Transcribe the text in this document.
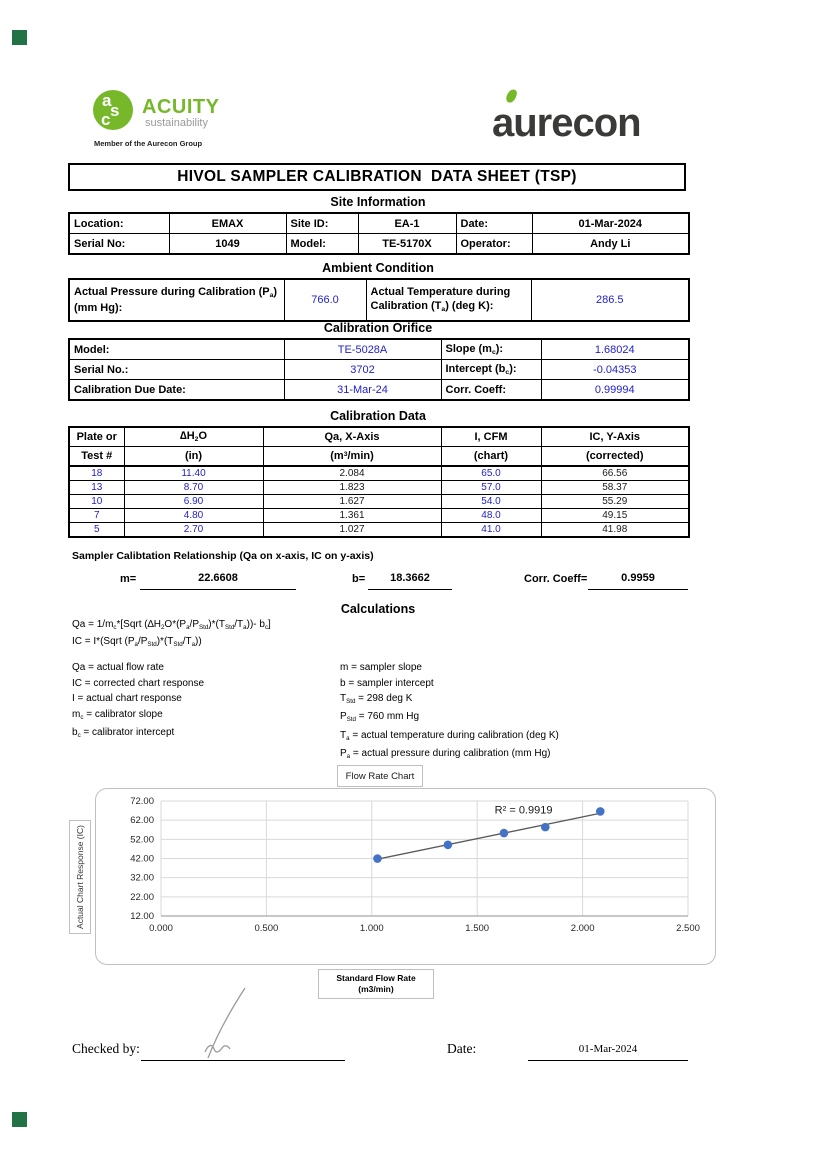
a
s
c
ACUITY
sustainability
Member of the Aurecon Group	aurecon
HIVOL SAMPLER CALIBRATION  DATA SHEET (TSP)
Site Information
Location:	EMAX	Site ID:	EA-1	Date:	01-Mar-2024
Serial No:	1049	Model:	TE-5170X	Operator:	Andy Li
Ambient Condition
Actual Pressure during Calibration $(P_a)$
(mm Hg):	766.0	Actual Temperature during
Calibration $(T_a)$ (deg K):	286.5
Calibration Orifice
Model:	TE-5028A	Slope $(m_c)$:	1.68024
Serial No.:	3702	Intercept $(b_c)$:	-0.04353
Calibration Due Date:	31-Mar-24	Corr. Coeff:	0.99994
Calibration Data
Plate or	$\Delta H_2O$	Qa, X-Axis	I, CFM	IC, Y-Axis
Test #	(in)	$(m^3/\min)$	(chart)	(corrected)
18	11.40	2.084	65.0	66.56
13	8.70	1.823	57.0	58.37
10	6.90	1.627	54.0	55.29
7	4.80	1.361	48.0	49.15
5	2.70	1.027	41.0	41.98
Sampler Calibtation Relationship (Qa on x-axis, IC on y-axis)
m=	22.6608	b=	18.3662	Corr. Coeff=	0.9959
Calculations
$Qa = 1/m_c*[Sqrt$ $(\Delta H_2O*(P_a/P_{Std})*(T_{Std}/T_a))-$ $b_c$]
IC = I*(Sqrt $(P_a/P_{Std})*(T_{Std}/T_a)$)
Qa = actual flow rate
IC = corrected chart response
I = actual chart response
$m_c$ = calibrator slope
$b_c$ = calibrator intercept
m = sampler slope
b = sampler intercept
$T_{Std} = 298$ deg K
$P_{Std} = 760$ mm Hg
$T_a$ = actual temperature during calibration (deg K)
$P_a$ = actual pressure during calibration (mm Hg)
Flow Rate Chart
Actual Chart Response (IC)	0.000	0.500	1.000	1.500	2.000	2.500
12.00
22.00
32.00
42.00
52.00
62.00
72.00
R² = 0.9919
Standard Flow Rate
(m3/min)
Checked by:	Date:	01-Mar-2024
